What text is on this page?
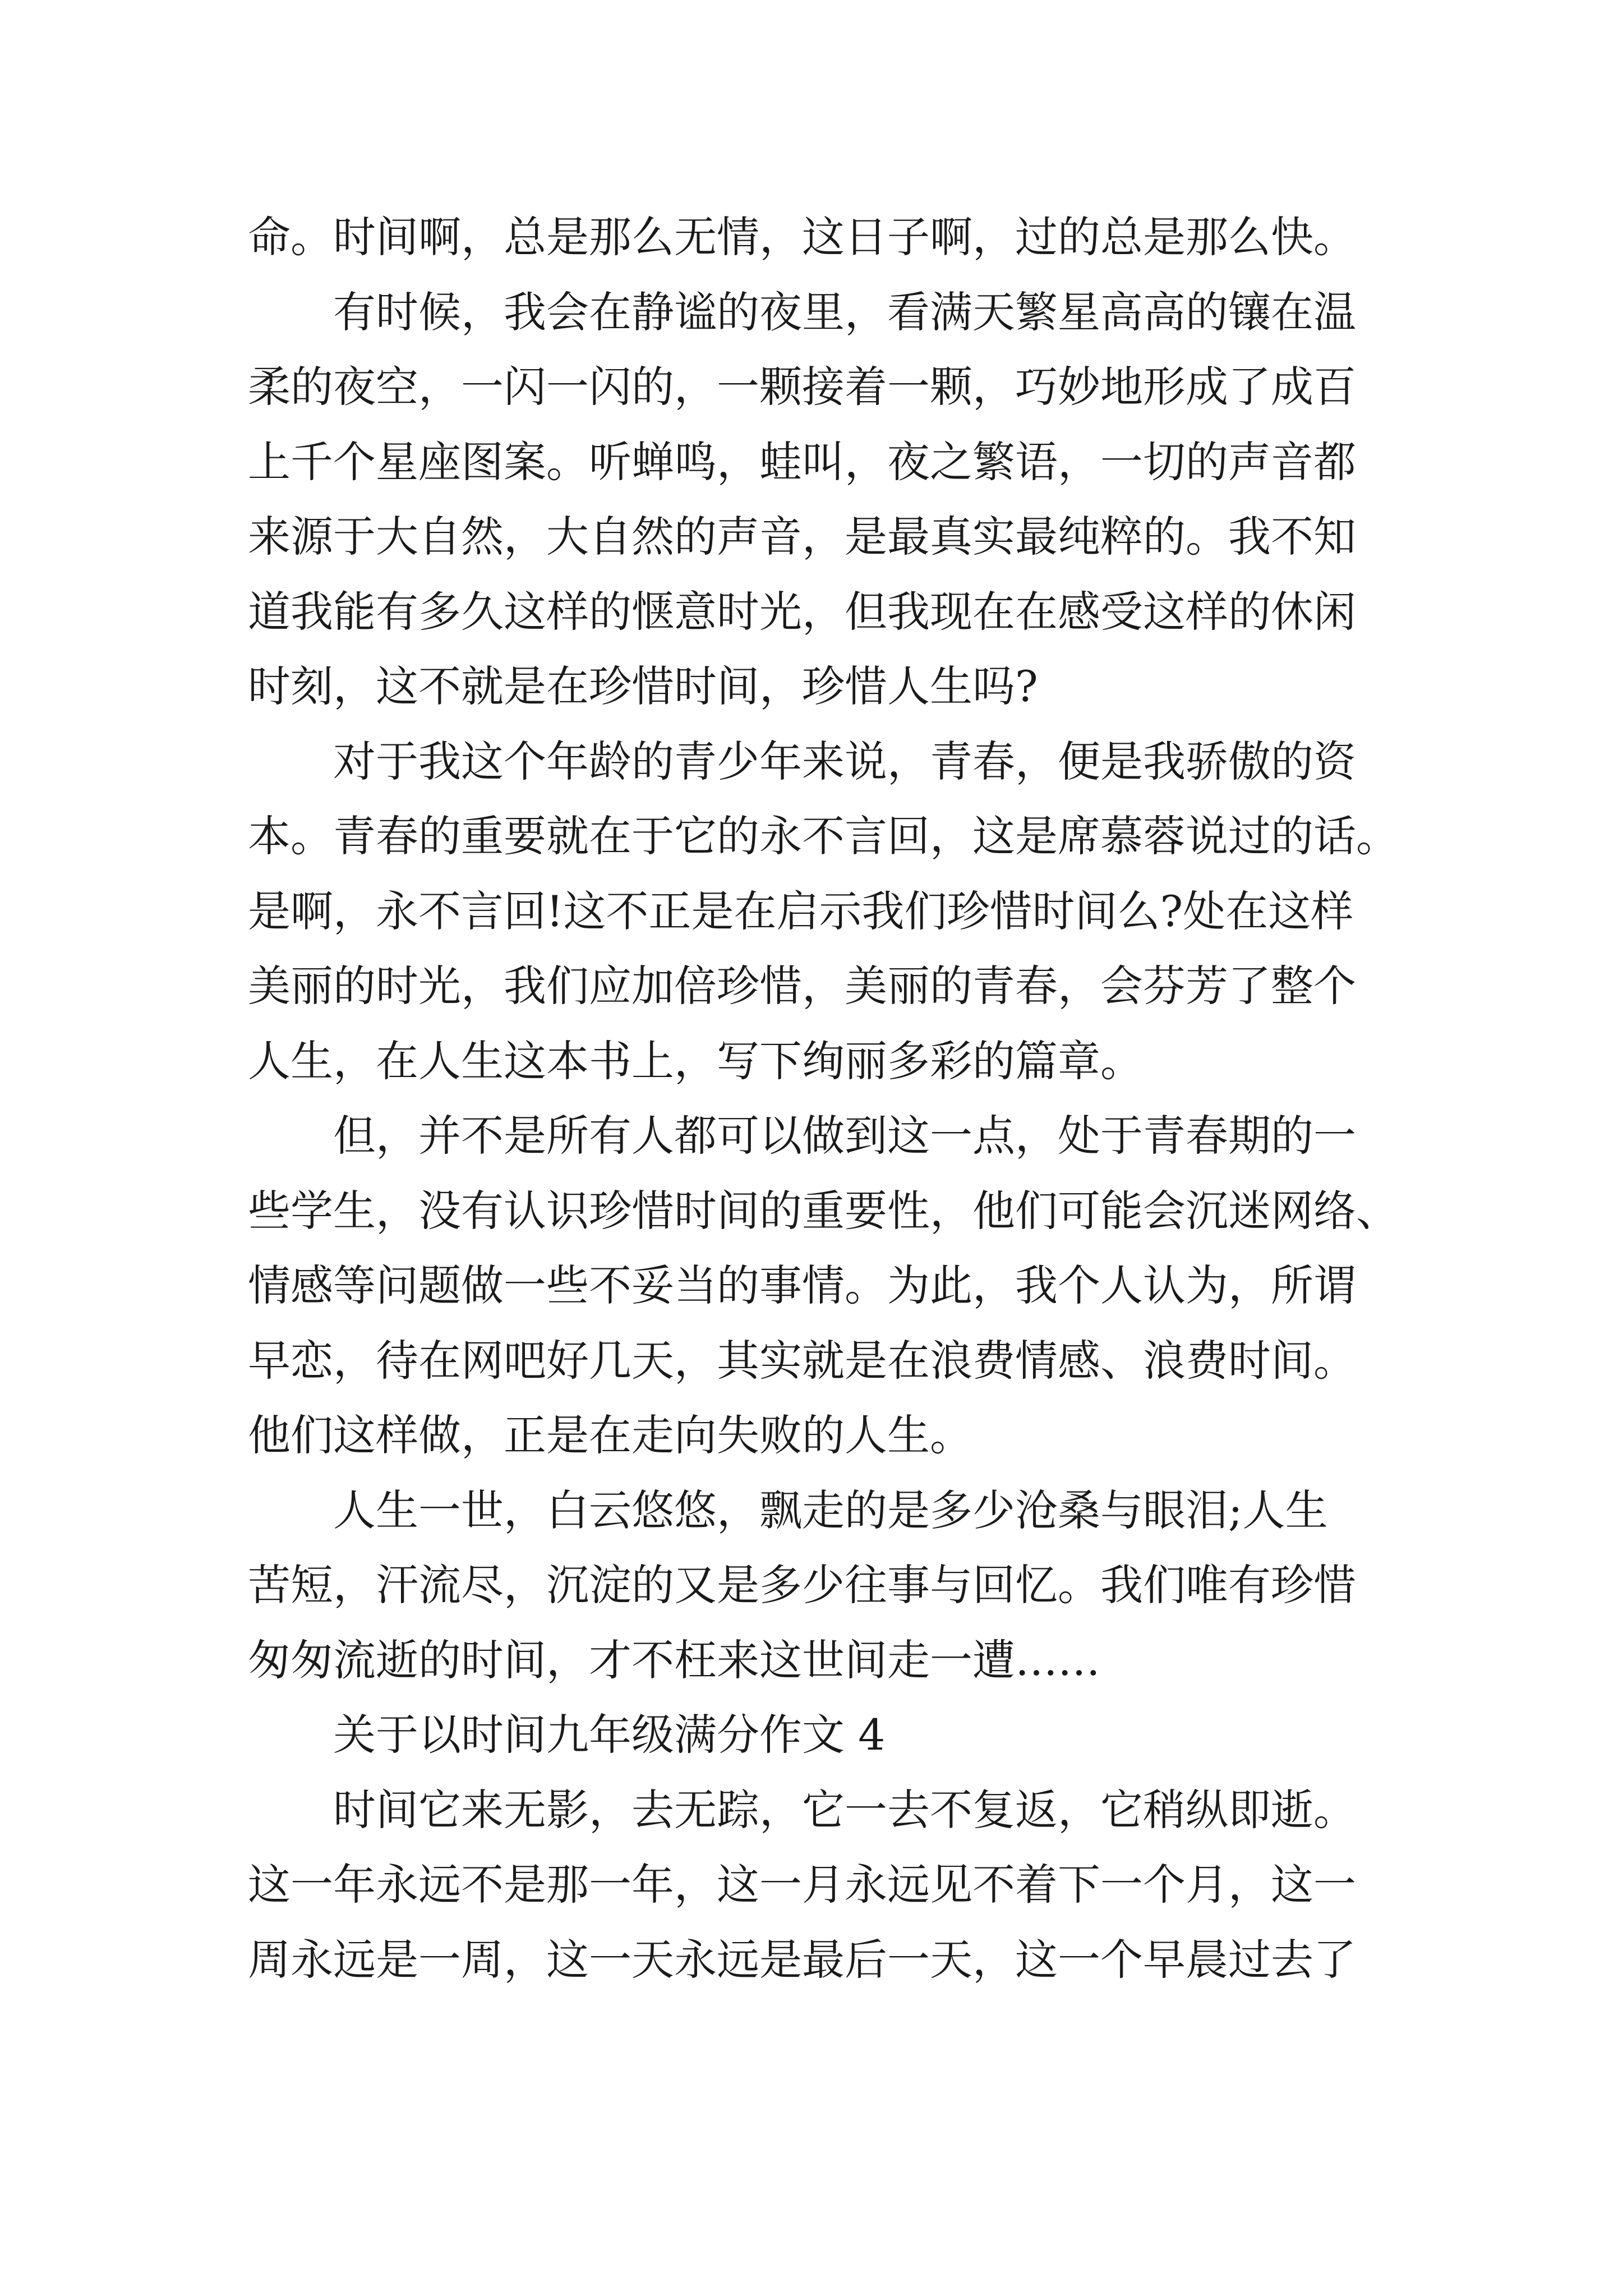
命。时间啊，总是那么无情，这日子啊，过的总是那么快。
有时候，我会在静谧的夜里，看满天繁星高高的镶在温
柔的夜空，一闪一闪的，一颗接着一颗，巧妙地形成了成百
上千个星座图案。听蝉鸣，蛙叫，夜之繁语，一切的声音都
来源于大自然，大自然的声音，是最真实最纯粹的。我不知
道我能有多久这样的惬意时光，但我现在在感受这样的休闲
时刻，这不就是在珍惜时间，珍惜人生吗?
对于我这个年龄的青少年来说，青春，便是我骄傲的资
本。青春的重要就在于它的永不言回，这是席慕蓉说过的话。
是啊，永不言回!这不正是在启示我们珍惜时间么?处在这样
美丽的时光，我们应加倍珍惜，美丽的青春，会芬芳了整个
人生，在人生这本书上，写下绚丽多彩的篇章。
但，并不是所有人都可以做到这一点，处于青春期的一
些学生，没有认识珍惜时间的重要性，他们可能会沉迷网络、
情感等问题做一些不妥当的事情。为此，我个人认为，所谓
早恋，待在网吧好几天，其实就是在浪费情感、浪费时间。
他们这样做，正是在走向失败的人生。
人生一世，白云悠悠，飘走的是多少沧桑与眼泪;人生
苦短，汗流尽，沉淀的又是多少往事与回忆。我们唯有珍惜
匆匆流逝的时间，才不枉来这世间走一遭……
关于以时间九年级满分作文 4
时间它来无影，去无踪，它一去不复返，它稍纵即逝。
这一年永远不是那一年，这一月永远见不着下一个月，这一
周永远是一周，这一天永远是最后一天，这一个早晨过去了
